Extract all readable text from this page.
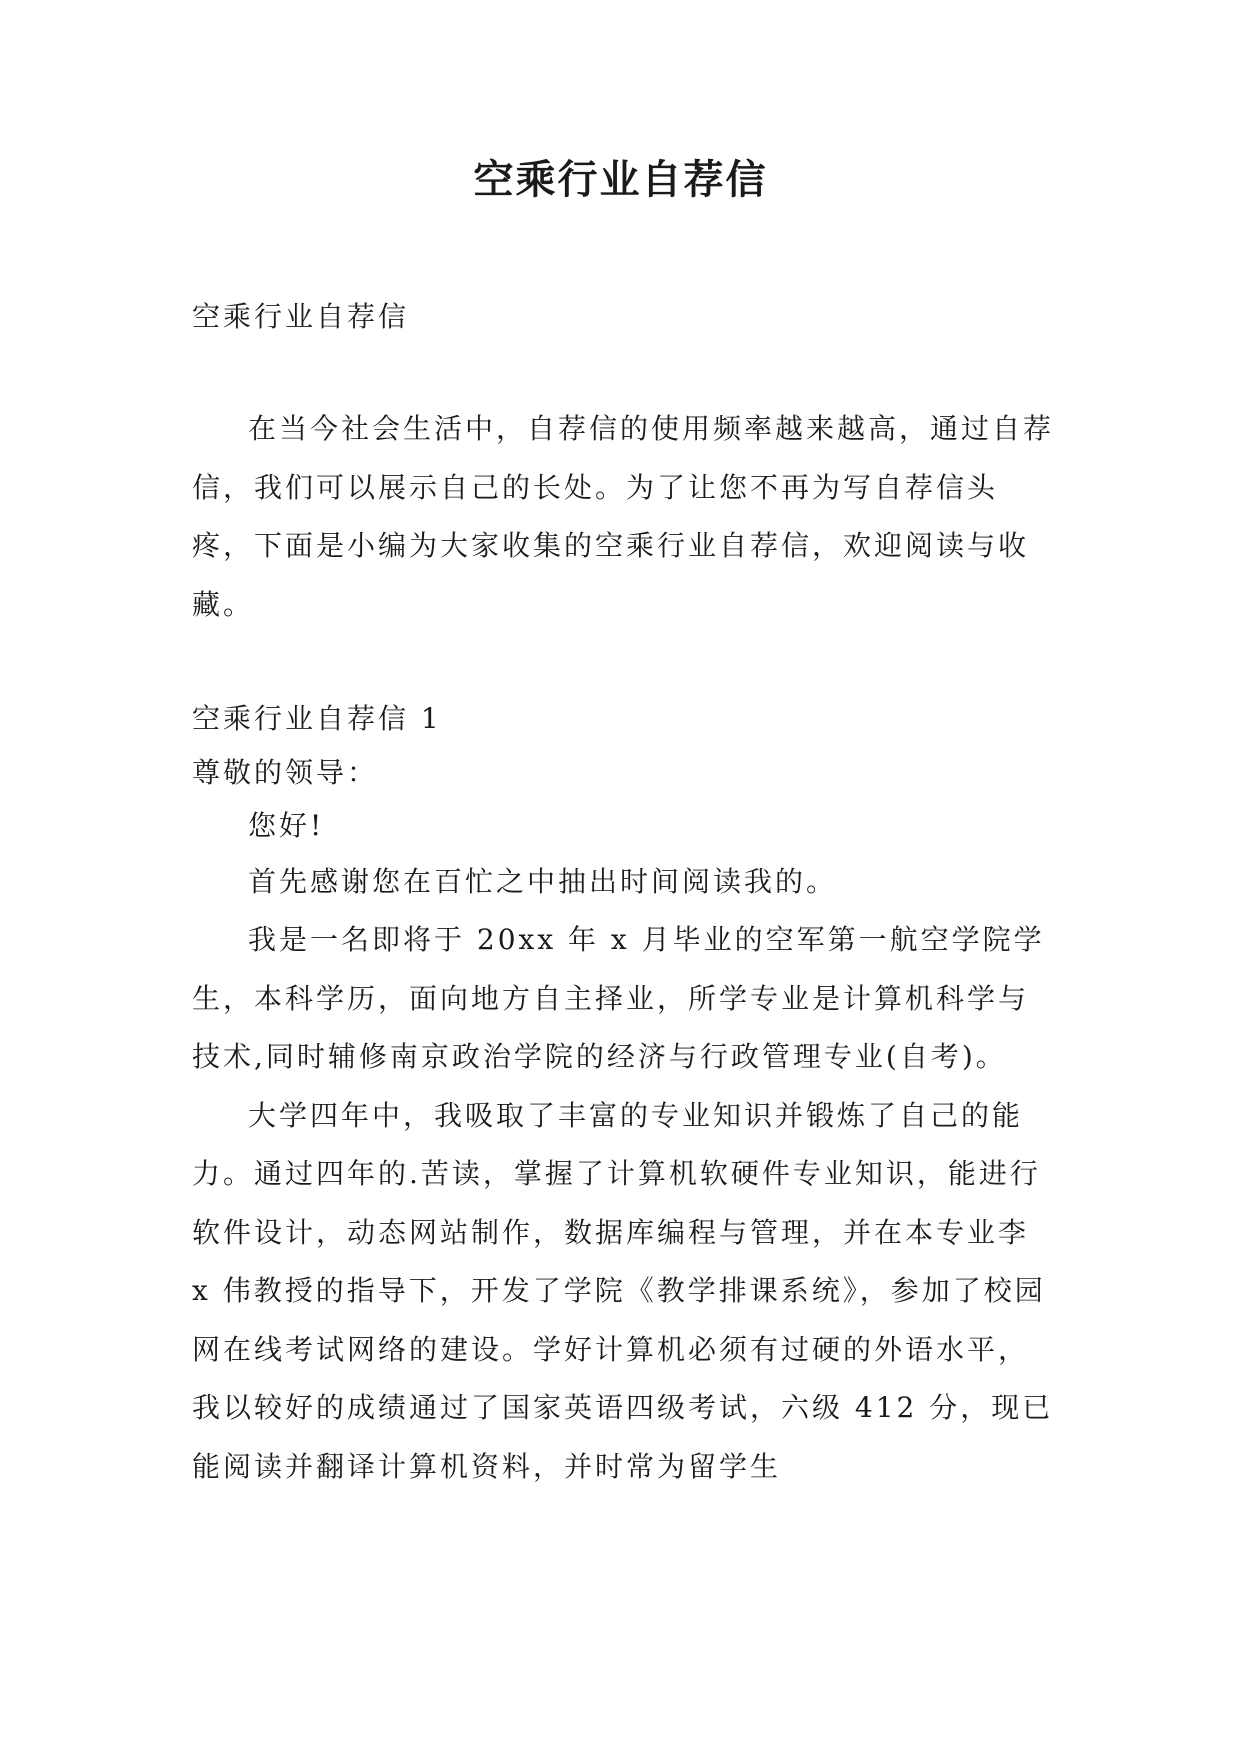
空乘行业自荐信

空乘行业自荐信

在当今社会生活中，自荐信的使用频率越来越高，通过自荐信，我们可以展示自己的长处。为了让您不再为写自荐信头疼，下面是小编为大家收集的空乘行业自荐信，欢迎阅读与收藏。

空乘行业自荐信 1

尊敬的领导：

您好!

首先感谢您在百忙之中抽出时间阅读我的。

我是一名即将于 20xx 年 x 月毕业的空军第一航空学院学生，本科学历，面向地方自主择业，所学专业是计算机科学与技术,同时辅修南京政治学院的经济与行政管理专业(自考)。

大学四年中，我吸取了丰富的专业知识并锻炼了自己的能力。通过四年的.苦读，掌握了计算机软硬件专业知识，能进行软件设计，动态网站制作，数据库编程与管理，并在本专业李 x 伟教授的指导下，开发了学院《教学排课系统》，参加了校园网在线考试网络的建设。学好计算机必须有过硬的外语水平，我以较好的成绩通过了国家英语四级考试，六级 412 分，现已能阅读并翻译计算机资料，并时常为留学生
